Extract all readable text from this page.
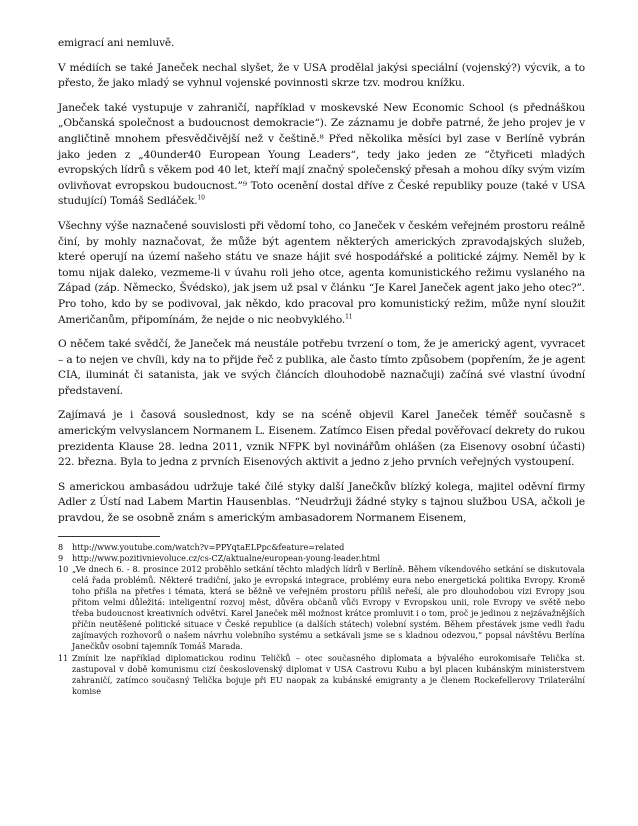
emigrací ani nemluvě.

V médiích se také Janeček nechal slyšet, že v USA prodělal jakýsi speciální (vojenský?) výcvik, a to přesto, že jako mladý se vyhnul vojenské povinnosti skrze tzv. modrou knížku.

Janeček také vystupuje v zahraničí, například v moskevské New Economic School (s přednáškou „Občanská společnost a budoucnost demokracie“). Ze záznamu je dobře patrné, že jeho projev je v angličtině mnohem přesvědčivější než v češtině.⁸ Před několika měsíci byl zase v Berlíně vybrán jako jeden z „40under40 European Young Leaders“, tedy jako jeden ze “čtyřiceti mladých evropských lídrů s věkem pod 40 let, kteří mají značný společenský přesah a mohou díky svým vizím ovlivňovat evropskou budoucnost.”⁹ Toto ocenění dostal dříve z České republiky pouze (také v USA studující) Tomáš Sedláček.$^{10}$

Všechny výše naznačené souvislosti při vědomí toho, co Janeček v českém veřejném prostoru reálně činí, by mohly naznačovat, že může být agentem některých amerických zpravodajských služeb, které operují na území našeho státu ve snaze hájit své hospodářské a politické zájmy. Neměl by k tomu nijak daleko, vezmeme-li v úvahu roli jeho otce, agenta komunistického režimu vyslaného na Západ (záp. Německo, Švédsko), jak jsem už psal v článku “Je Karel Janeček agent jako jeho otec?”. Pro toho, kdo by se podivoval, jak někdo, kdo pracoval pro komunistický režim, může nyní sloužit Američanům, připomínám, že nejde o nic neobvyklého.$^{11}$

O něčem také svědčí, že Janeček má neustále potřebu tvrzení o tom, že je americký agent, vyvracet – a to nejen ve chvíli, kdy na to přijde řeč z publika, ale často tímto způsobem (popřením, že je agent CIA, iluminát či satanista, jak ve svých článcích dlouhodobě naznačuji) začíná své vlastní úvodní představení.

Zajímavá je i časová souslednost, kdy se na scéně objevil Karel Janeček téměř současně s americkým velvyslancem Normanem L. Eisenem. Zatímco Eisen předal pověřovací dekrety do rukou prezidenta Klause 28. ledna 2011, vznik NFPK byl novinářům ohlášen (za Eisenovy osobní účasti) 22. března. Byla to jedna z prvních Eisenových aktivit a jedno z jeho prvních veřejných vystoupení.

S americkou ambasádou udržuje také čilé styky další Janečkův blízký kolega, majitel oděvní firmy Adler z Ústí nad Labem Martin Hausenblas. “Neudržuji žádné styky s tajnou službou USA, ačkoli je pravdou, že se osobně znám s americkým ambasadorem Normanem Eisenem,

8	http://www.youtube.com/watch?v=PPYqtaELPpc&feature=related
9	http://www.pozitivnievoluce.cz/cs-CZ/aktualne/european-young-leader.html
10 „Ve dnech 6. - 8. prosince 2012 proběhlo setkání těchto mladých lídrů v Berlíně. Během víkendového setkání se diskutovala celá řada problémů. Některé tradiční, jako je evropská integrace, problémy eura nebo energetická politika Evropy. Kromě toho přišla na přetřes i témata, která se běžně ve veřejném prostoru příliš neřeší, ale pro dlouhodobou vizi Evropy jsou přitom velmi důležitá: inteligentní rozvoj měst, důvěra občanů vůči Evropy v Evropskou unii, role Evropy ve světě nebo třeba budoucnost kreativních odvětví. Karel Janeček měl možnost krátce promluvit i o tom, proč je jedinou z nejzávažnějších příčin neutěšené politické situace v České republice (a dalších státech) volební systém. Během přestávek jsme vedli řadu zajímavých rozhovorů o našem návrhu volebního systému a setkávali jsme se s kladnou odezvou,“ popsal návštěvu Berlína Janečkův osobní tajemník Tomáš Marada.
11 Zmínit lze například diplomatickou rodinu Teličků – otec současného diplomata a bývalého eurokomisaře Telička st. zastupoval v době komunismu cizí československý diplomat v USA Castrovu Kubu a byl placen kubánským ministerstvem zahraničí, zatímco současný Telička bojuje při EU naopak za kubánské emigranty a je členem Rockefellerovy Trilaterální komise
